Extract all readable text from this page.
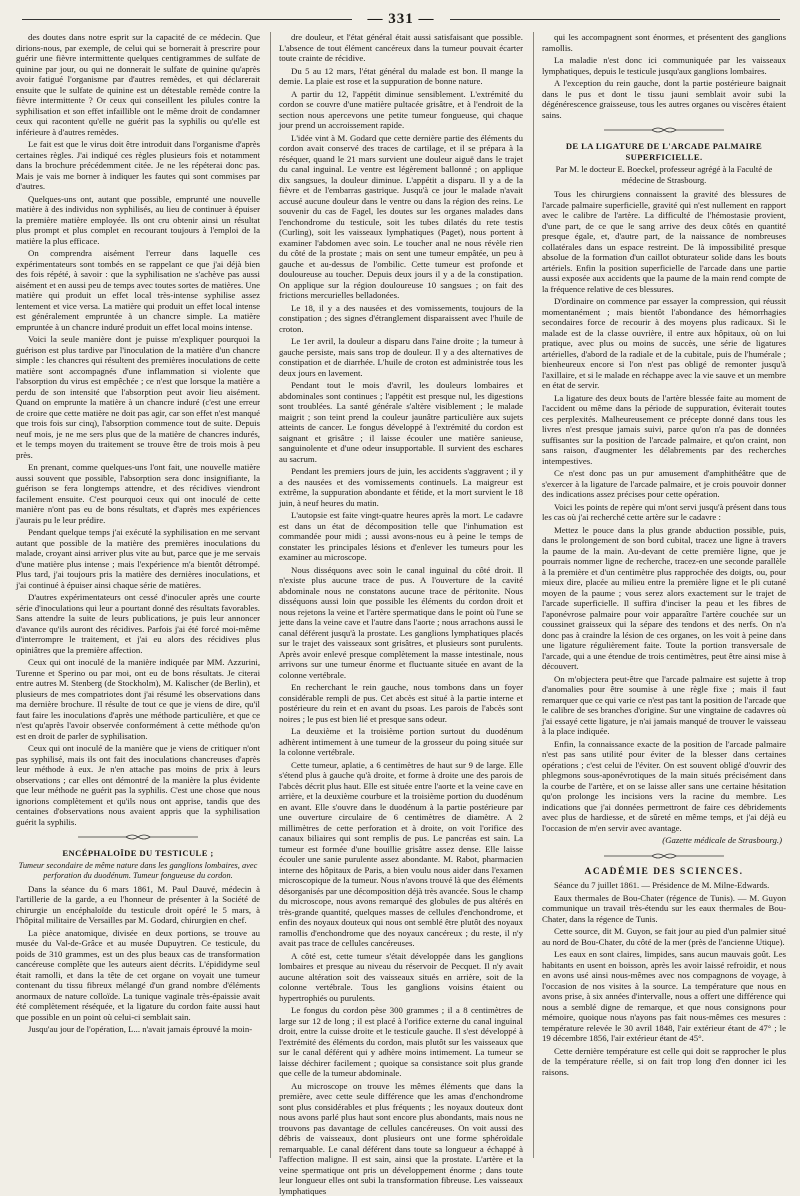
— 331 —

des doutes dans notre esprit sur la capacité de ce médecin. Que dirions-nous, par exemple, de celui qui se bornerait à prescrire pour guérir une fièvre intermittente quelques centigrammes de sulfate de quinine par jour, ou qui ne donnerait le sulfate de quinine qu'après avoir fatigué l'organisme par d'autres remèdes, et qui déclarerait ensuite que le sulfate de quinine est un détestable remède contre la fièvre intermittente ? Or ceux qui conseillent les pilules contre la syphilisation et son effet infaillible ont le même droit de condamner ceux qui racontent qu'elle ne guérit pas la syphilis ou qu'elle est inférieure à d'autres remèdes.

Le fait est que le virus doit être introduit dans l'organisme d'après certaines règles. J'ai indiqué ces règles plusieurs fois et notamment dans la brochure précédemment citée. Je ne les répéterai donc pas. Mais je vais me borner à indiquer les fautes qui sont commises par d'autres.

Quelques-uns ont, autant que possible, emprunté une nouvelle matière à des individus non syphilisés, au lieu de continuer à épuiser la première matière employée. Ils ont cru obtenir ainsi un résultat plus prompt et plus complet en recourant toujours à l'emploi de la matière la plus efficace.

On comprendra aisément l'erreur dans laquelle ces expérimentateurs sont tombés en se rappelant ce que j'ai déjà bien des fois répété, à savoir : que la syphilisation ne s'achève pas aussi aisément et en aussi peu de temps avec toutes sortes de matières. Une matière qui produit un effet local très-intense syphilise assez lentement et vice versa. La matière qui produit un effet local intense est généralement empruntée à un chancre simple. La matière empruntée à un chancre induré produit un effet local moins intense.

Voici la seule manière dont je puisse m'expliquer pourquoi la guérison est plus tardive par l'inoculation de la matière d'un chancre simple : les chancres qui résultent des premières inoculations de cette matière sont accompagnés d'une inflammation si violente que l'absorption du virus est empêchée ; ce n'est que lorsque la matière a perdu de son intensité que l'absorption peut avoir lieu aisément. Quand on emprunte la matière à un chancre induré (c'est une erreur de croire que cette matière ne doit pas agir, car son effet n'est manqué que trois fois sur cinq), l'absorption commence tout de suite. Depuis neuf mois, je ne me sers plus que de la matière de chancres indurés, et le temps moyen du traitement se trouve être de trois mois à peu près.

En prenant, comme quelques-uns l'ont fait, une nouvelle matière aussi souvent que possible, l'absorption sera donc insignifiante, la guérison se fera longtemps attendre, et des récidives viendront facilement ensuite. C'est pourquoi ceux qui ont inoculé de cette manière n'ont pas eu de bons résultats, et d'après mes expériences j'aurais pu le leur prédire.

Pendant quelque temps j'ai exécuté la syphilisation en me servant autant que possible de la matière des premières inoculations du malade, croyant ainsi arriver plus vite au but, parce que je me servais d'une matière plus intense ; mais l'expérience m'a bientôt détrompé. Plus tard, j'ai toujours pris la matière des dernières inoculations, et j'ai continué à épuiser ainsi chaque série de matières.

D'autres expérimentateurs ont cessé d'inoculer après une courte série d'inoculations qui leur a pourtant donné des résultats favorables. Sans attendre la suite de leurs publications, je puis leur annoncer d'avance qu'ils auront des récidives. Parfois j'ai été forcé moi-même d'interrompre le traitement, et j'ai eu alors des récidives plus opiniâtres que la première affection.

Ceux qui ont inoculé de la manière indiquée par MM. Azzurini, Turenne et Sperino ou par moi, ont eu de bons résultats. Je citerai entre autres M. Stenberg (de Stockholm), M. Kalischer (de Berlin), et plusieurs de mes compatriotes dont j'ai résumé les observations dans ma dernière brochure. Il résulte de tout ce que je viens de dire, qu'il faut faire les inoculations d'après une méthode particulière, et que ce n'est qu'après l'avoir observée conformément à cette méthode qu'on est en droit de parler de syphilisation.

Ceux qui ont inoculé de la manière que je viens de critiquer n'ont pas syphilisé, mais ils ont fait des inoculations chancreuses d'après leur méthode à eux. Je n'en attache pas moins de prix à leurs observations ; car elles ont démontré de la manière la plus évidente que leur méthode ne guérit pas la syphilis. C'est une chose que nous ignorions complètement et qu'ils nous ont apprise, tandis que des centaines d'observations nous avaient appris que la syphilisation guérit la syphilis.

ENCÉPHALOÏDE DU TESTICULE ;
Tumeur secondaire de même nature dans les ganglions lombaires, avec perforation du duodénum. Tumeur fongueuse du cordon.

Dans la séance du 6 mars 1861, M. Paul Dauvé, médecin à l'artillerie de la garde, a eu l'honneur de présenter à la Société de chirurgie un encéphaloïde du testicule droit opéré le 5 mars, à l'hôpital militaire de Versailles par M. Godard, chirurgien en chef.

La pièce anatomique, divisée en deux portions, se trouve au musée du Val-de-Grâce et au musée Dupuytren. Ce testicule, du poids de 310 grammes, est un des plus beaux cas de transformation cancéreuse complète que les auteurs aient décrits. L'épididyme seul était ramolli, et dans la tête de cet organe on voyait une tumeur contenant du tissu fibreux mélangé d'un grand nombre d'éléments anormaux de nature colloïde. La tunique vaginale très-épaissie avait été complètement réséquée, et la ligature du cordon faite aussi haut que possible en un point où celui-ci semblait sain.

Jusqu'au jour de l'opération, L... n'avait jamais éprouvé la moin-

dre douleur, et l'état général était aussi satisfaisant que possible. L'absence de tout élément cancéreux dans la tumeur pouvait écarter toute crainte de récidive.

Du 5 au 12 mars, l'état général du malade est bon. Il mange la demie. La plaie est rose et la suppuration de bonne nature.

A partir du 12, l'appétit diminue sensiblement. L'extrémité du cordon se couvre d'une matière pultacée grisâtre, et à l'endroit de la section nous apercevons une petite tumeur fongueuse, qui chaque jour prend un accroissement rapide.

L'idée vint à M. Godard que cette dernière partie des éléments du cordon avait conservé des traces de cartilage, et il se prépara à la réséquer, quand le 21 mars survient une douleur aiguë dans le trajet du canal inguinal. Le ventre est légèrement ballonné ; on applique dix sangsues, la douleur diminue. L'appétit a disparu. Il y a de la fièvre et de l'embarras gastrique. Jusqu'à ce jour le malade n'avait accusé aucune douleur dans le ventre ou dans la région des reins. Le souvenir du cas de Fagel, les doutes sur les organes malades dans l'enchondrome du testicule, soit les tubes dilatés du rete testis (Curling), soit les vaisseaux lymphatiques (Paget), nous portent à examiner l'abdomen avec soin. Le toucher anal ne nous révèle rien du côté de la prostate ; mais on sent une tumeur empâtée, un peu à gauche et au-dessus de l'ombilic. Cette tumeur est profonde et douloureuse au toucher. Depuis deux jours il y a de la constipation. On applique sur la région douloureuse 10 sangsues ; on fait des frictions mercurielles belladonées.

Le 18, il y a des nausées et des vomissements, toujours de la constipation ; des signes d'étranglement disparaissent avec l'huile de croton.

Le 1er avril, la douleur a disparu dans l'aine droite ; la tumeur à gauche persiste, mais sans trop de douleur. Il y a des alternatives de constipation et de diarrhée. L'huile de croton est administrée tous les deux jours en lavement.

Pendant tout le mois d'avril, les douleurs lombaires et abdominales sont continues ; l'appétit est presque nul, les digestions sont troublées. La santé générale s'altère visiblement ; le malade maigrit ; son teint prend la couleur jaunâtre particulière aux sujets atteints de cancer. Le fongus développé à l'extrémité du cordon est saignant et grisâtre ; il laisse écouler une matière sanieuse, sanguinolente et d'une odeur insupportable. Il survient des eschares au sacrum.

Pendant les premiers jours de juin, les accidents s'aggravent ; il y a des nausées et des vomissements continuels. La maigreur est extrême, la suppuration abondante et fétide, et la mort survient le 18 juin, à neuf heures du matin.

L'autopsie est faite vingt-quatre heures après la mort. Le cadavre est dans un état de décomposition telle que l'inhumation est commandée pour midi ; aussi avons-nous eu à peine le temps de constater les principales lésions et d'enlever les tumeurs pour les examiner au microscope.

Nous disséquons avec soin le canal inguinal du côté droit. Il n'existe plus aucune trace de pus. A l'ouverture de la cavité abdominale nous ne constatons aucune trace de péritonite. Nous disséquons aussi loin que possible les éléments du cordon droit et nous rejetons la veine et l'artère spermatique dans le point où l'une se jette dans la veine cave et l'autre dans l'aorte ; nous arrachons aussi le canal déférent jusqu'à la prostate. Les ganglions lymphatiques placés sur le trajet des vaisseaux sont grisâtres, et plusieurs sont purulents. Après avoir enlevé presque complètement la masse intestinale, nous arrivons sur une tumeur énorme et fluctuante située en avant de la colonne vertébrale.

En recherchant le rein gauche, nous tombons dans un foyer considérable rempli de pus. Cet abcès est situé à la partie interne et postérieure du rein et en avant du psoas. Les parois de l'abcès sont noires ; le pus est bien lié et presque sans odeur.

La deuxième et la troisième portion surtout du duodénum adhèrent intimement à une tumeur de la grosseur du poing située sur la colonne vertébrale.

Cette tumeur, aplatie, a 6 centimètres de haut sur 9 de large. Elle s'étend plus à gauche qu'à droite, et forme à droite une des parois de l'abcès décrit plus haut. Elle est située entre l'aorte et la veine cave en arrière, et la deuxième courbure et la troisième portion du duodénum en avant. Elle s'ouvre dans le duodénum à la partie postérieure par une ouverture circulaire de 6 centimètres de diamètre. A 2 millimètres de cette perforation et à droite, on voit l'orifice des canaux biliaires qui sont remplis de pus. Le pancréas est sain. La tumeur est formée d'une bouillie grisâtre assez dense. Elle laisse écouler une sanie purulente assez abondante. M. Rabot, pharmacien interne des hôpitaux de Paris, a bien voulu nous aider dans l'examen microscopique de la tumeur. Nous n'avons trouvé là que des éléments désorganisés par une décomposition déjà très avancée. Sous le champ du microscope, nous avons remarqué des globules de pus altérés en très-grande quantité, quelques masses de cellules d'enchondrome, et enfin des noyaux douteux qui nous ont semblé être plutôt des noyaux ramollis d'enchondrome que des noyaux cancéreux ; du reste, il n'y avait pas trace de cellules cancéreuses.

A côté est, cette tumeur s'était développée dans les ganglions lombaires et presque au niveau du réservoir de Pecquet. Il n'y avait aucune altération soit des vaisseaux situés en arrière, soit de la colonne vertébrale. Tous les ganglions voisins étaient ou hypertrophiés ou purulents.

Le fongus du cordon pèse 300 grammes ; il a 8 centimètres de large sur 12 de long ; il est placé à l'orifice externe du canal inguinal droit, entre la cuisse droite et le testicule gauche. Il s'est développé à l'extrémité des éléments du cordon, mais plutôt sur les vaisseaux que sur le canal déférent qui y adhère moins intimement. La tumeur se laisse déchirer facilement ; quoique sa consistance soit plus grande que celle de la tumeur abdominale.

Au microscope on trouve les mêmes éléments que dans la première, avec cette seule différence que les amas d'enchondrome sont plus considérables et plus fréquents ; les noyaux douteux dont nous avons parlé plus haut sont encore plus abondants, mais nous ne trouvons pas davantage de cellules cancéreuses. On voit aussi des débris de vaisseaux, dont plusieurs ont une forme sphéroïdale remarquable. Le canal déférent dans toute sa longueur a échappé à l'affection maligne. Il est sain, ainsi que la prostate. L'artère et la veine spermatique ont pris un développement énorme ; dans toute leur longueur elles ont subi la transformation fibreuse. Les vaisseaux lymphatiques

qui les accompagnent sont énormes, et présentent des ganglions ramollis.

La maladie n'est donc ici communiquée par les vaisseaux lymphatiques, depuis le testicule jusqu'aux ganglions lombaires.

A l'exception du rein gauche, dont la partie postérieure baignait dans le pus et dont le tissu jauni semblait avoir subi la dégénérescence graisseuse, tous les autres organes ou viscères étaient sains.

DE LA LIGATURE DE L'ARCADE PALMAIRE SUPERFICIELLE.
Par M. le docteur E. Boeckel, professeur agrégé à la Faculté de médecine de Strasbourg.

Tous les chirurgiens connaissent la gravité des blessures de l'arcade palmaire superficielle, gravité qui n'est nullement en rapport avec le calibre de l'artère. La difficulté de l'hémostasie provient, d'une part, de ce que le sang arrive des deux côtés en quantité presque égale, et, d'autre part, de la naissance de nombreuses collatérales dans un espace restreint. De là impossibilité presque absolue de la formation d'un caillot obturateur solide dans les bouts artériels. Enfin la position superficielle de l'arcade dans une partie aussi exposée aux accidents que la paume de la main rend compte de la fréquence relative de ces blessures.

D'ordinaire on commence par essayer la compression, qui réussit momentanément ; mais bientôt l'abondance des hémorrhagies secondaires force de recourir à des moyens plus radicaux. Si le malade est de la classe ouvrière, il entre aux hôpitaux, où on lui pratique, avec plus ou moins de succès, une série de ligatures artérielles, d'abord de la radiale et de la cubitale, puis de l'humérale ; bienheureux encore si l'on n'est pas obligé de remonter jusqu'à l'axillaire, et si le malade en réchappe avec la vie sauve et un membre en état de servir.

La ligature des deux bouts de l'artère blessée faite au moment de l'accident ou même dans la période de suppuration, éviterait toutes ces perplexités. Malheureusement ce précepte donné dans tous les livres n'est presque jamais suivi, parce qu'on n'a pas de données suffisantes sur la position de l'arcade palmaire, et qu'on craint, non sans raison, d'augmenter les délabrements par des recherches intempestives.

Ce n'est donc pas un pur amusement d'amphithéâtre que de s'exercer à la ligature de l'arcade palmaire, et je crois pouvoir donner des indications assez précises pour cette opération.

Voici les points de repère qui m'ont servi jusqu'à présent dans tous les cas où j'ai recherché cette artère sur le cadavre :

Mettez le pouce dans la plus grande abduction possible, puis, dans le prolongement de son bord cubital, tracez une ligne à travers la paume de la main. Au-devant de cette première ligne, que je pourrais nommer ligne de recherche, tracez-en une seconde parallèle à la première et d'un centimètre plus rapprochée des doigts, ou, pour mieux dire, placée au milieu entre la première ligne et le pli cutané moyen de la paume ; vous serez alors exactement sur le trajet de l'arcade superficielle. Il suffira d'inciser la peau et les fibres de l'aponévrose palmaire pour voir apparaître l'artère couchée sur un coussinet graisseux qui la sépare des tendons et des nerfs. On n'a donc pas à craindre la lésion de ces organes, on les voit à peine dans une ligature régulièrement faite. Toute la portion transversale de l'arcade, qui a une étendue de trois centimètres, peut être ainsi mise à découvert.

On m'objectera peut-être que l'arcade palmaire est sujette à trop d'anomalies pour être soumise à une règle fixe ; mais il faut remarquer que ce qui varie ce n'est pas tant la position de l'arcade que le calibre de ses branches d'origine. Sur une vingtaine de cadavres où j'ai essayé cette ligature, je n'ai jamais manqué de trouver le vaisseau à la place indiquée.

Enfin, la connaissance exacte de la position de l'arcade palmaire n'est pas sans utilité pour éviter de la blesser dans certaines opérations ; c'est celui de l'éviter. On est souvent obligé d'ouvrir des phlegmons sous-aponévrotiques de la main situés précisément dans la courbe de l'artère, et on se laisse aller sans une certaine hésitation qu'on prolonge les incisions vers la racine du membre. Les indications que j'ai données permettront de faire ces débridements avec plus de hardiesse, et de sûreté en même temps, et j'ai déjà eu l'occasion de m'en servir avec avantage.

(Gazette médicale de Strasbourg.)
ACADÉMIE DES SCIENCES.

Séance du 7 juillet 1861. — Présidence de M. Milne-Edwards.

Eaux thermales de Bou-Chater (régence de Tunis). — M. Guyon communique un travail très-étendu sur les eaux thermales de Bou-Chater, dans la régence de Tunis.

Cette source, dit M. Guyon, se fait jour au pied d'un palmier situé au nord de Bou-Chater, du côté de la mer (près de l'ancienne Utique).

Les eaux en sont claires, limpides, sans aucun mauvais goût. Les habitants en usent en boisson, après les avoir laissé refroidir, et nous en avons usé ainsi nous-mêmes avec nos compagnons de voyage, à l'occasion de nos visites à la source. La température que nous en avons prise, à six années d'intervalle, nous a offert une différence qui nous a semblé digne de remarque, et que nous consignons pour mémoire, quoique nous n'ayons pas fait nous-mêmes ces mesures : température relevée le 30 avril 1848, l'air extérieur étant de 47° ; le 19 décembre 1856, l'air extérieur étant de 45°.

Cette dernière température est celle qui doit se rapprocher le plus de la température réelle, si on fait trop long d'en donner ici les raisons.
